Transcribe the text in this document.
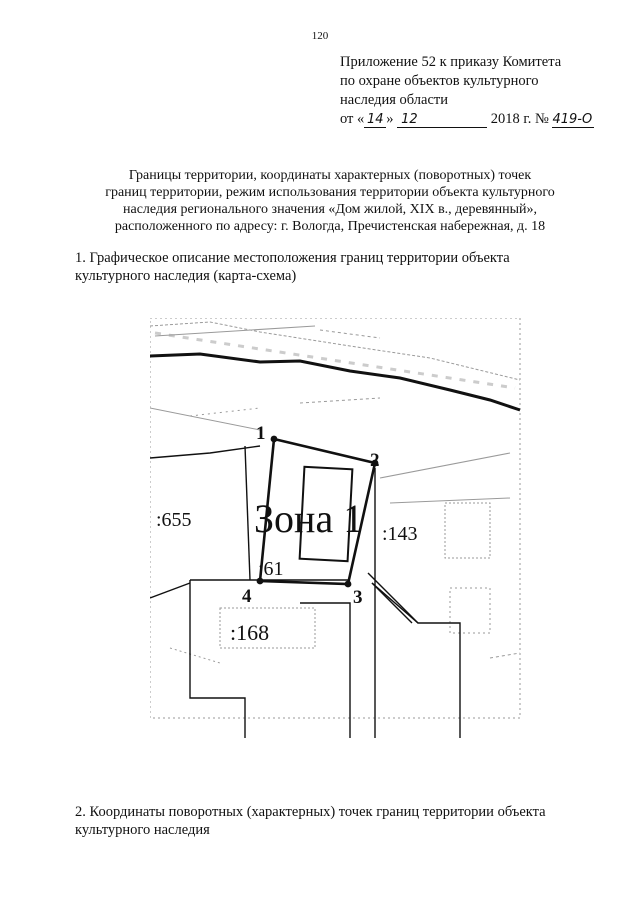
120
Приложение 52 к приказу Комитета
по охране объектов культурного
наследия области
от « 14 » 12	2018 г. № 419-О
Границы территории, координаты характерных (поворотных) точек
границ территории, режим использования территории объекта культурного
наследия регионального значения «Дом жилой, XIX в., деревянный»,
расположенного по адресу: г. Вологда, Пречистенская набережная, д. 18
1. Графическое описание местоположения границ территории объекта
культурного наследия (карта-схема)
1
2
3
4
:655
:61
:143
:168
Зона 1
2. Координаты поворотных (характерных) точек границ территории объекта
культурного наследия
